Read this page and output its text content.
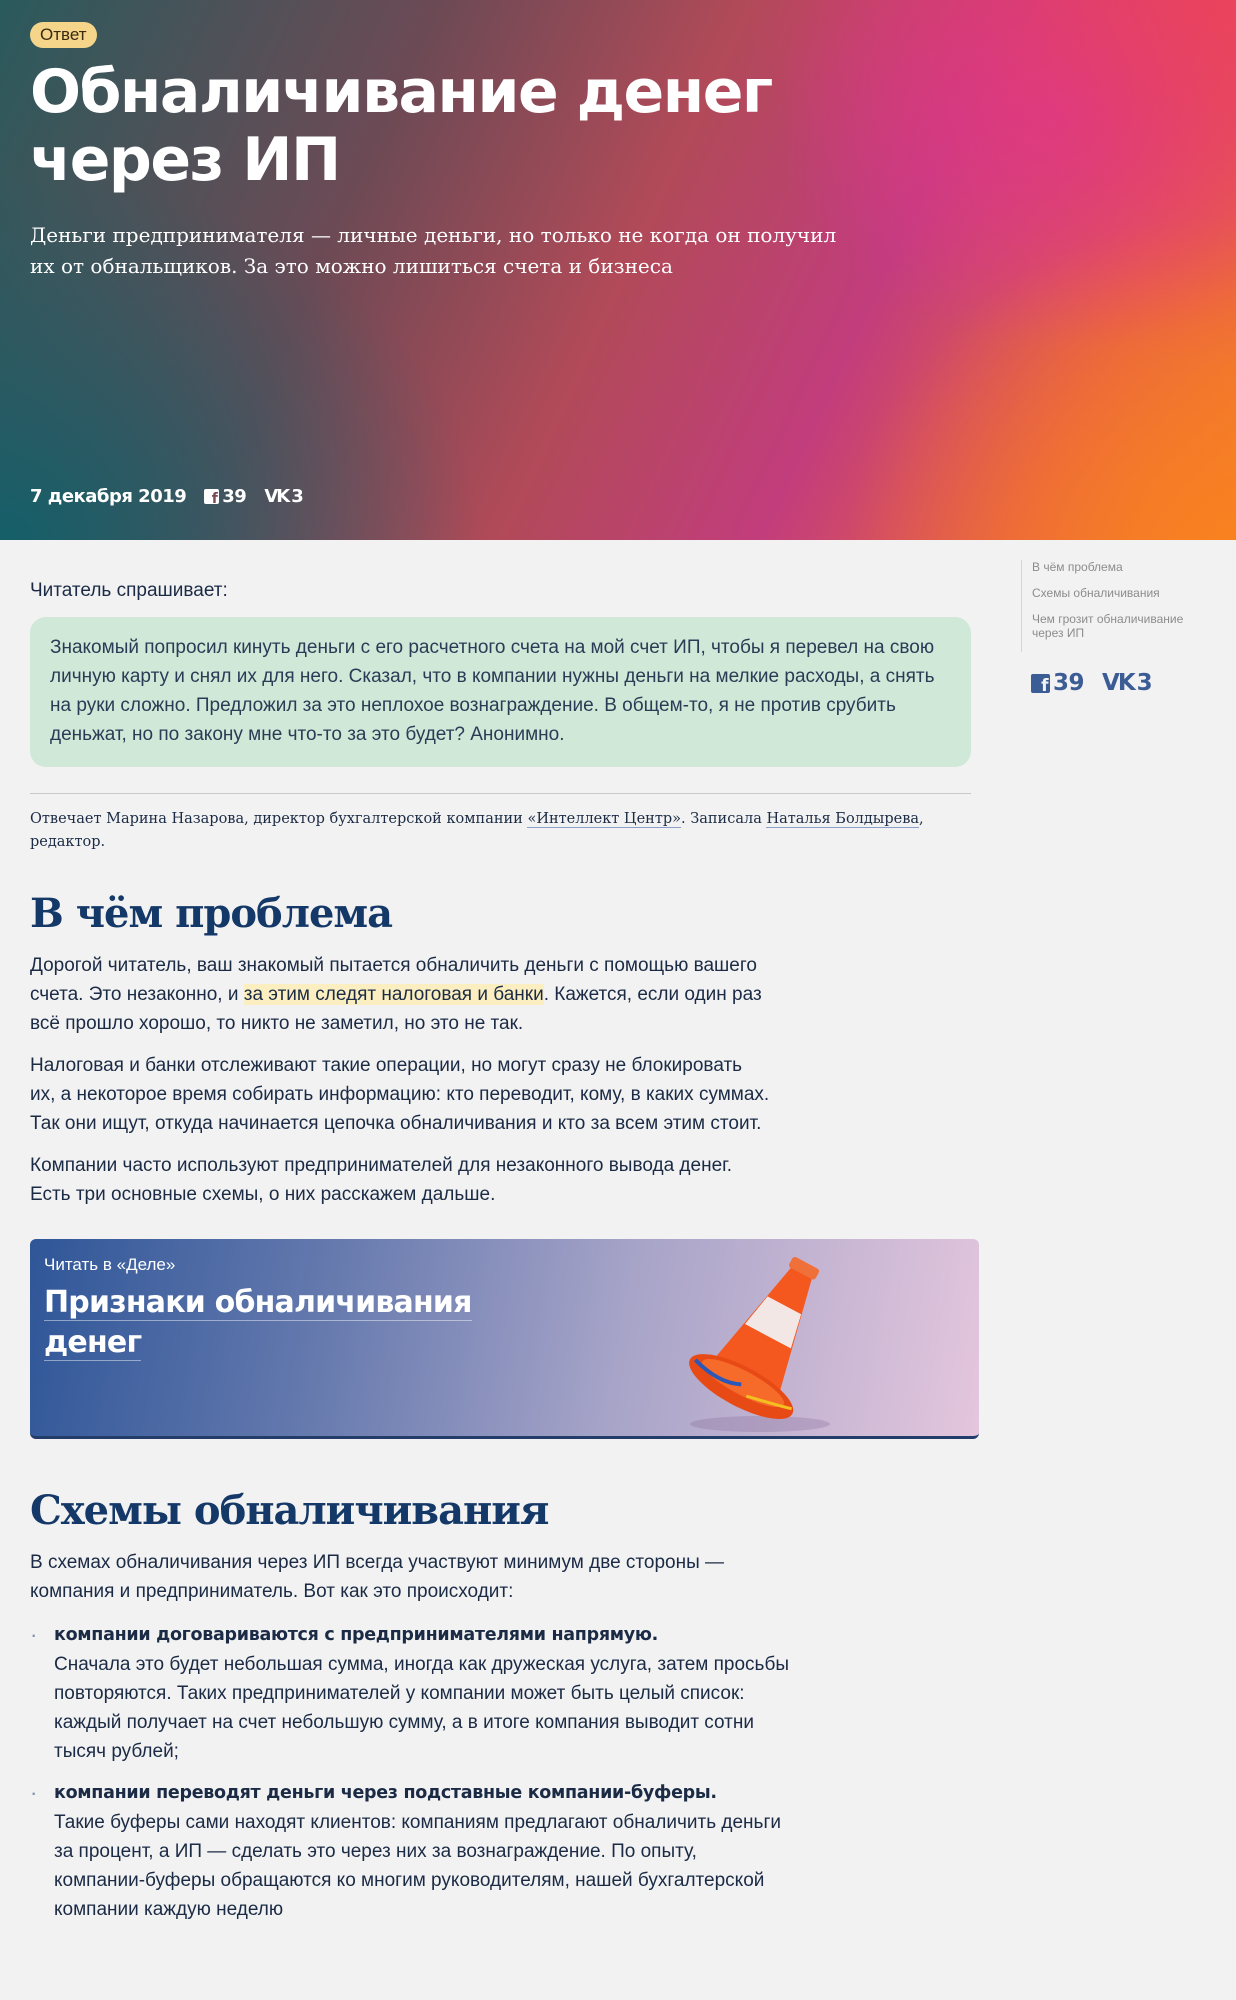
Ответ
Обналичивание денег через ИП

Деньги предпринимателя — личные деньги, но только не когда он получил их от обнальщиков. За это можно лишиться счета и бизнеса

7 декабря 2019
f 39 VK 3
Читатель спрашивает:
Знакомый попросил кинуть деньги с его расчетного счета на мой счет ИП, чтобы я перевел на свою личную карту и снял их для него. Сказал, что в компании нужны деньги на мелкие расходы, а снять на руки сложно. Предложил за это неплохое вознаграждение. В общем-то, я не против срубить деньжат, но по закону мне что-то за это будет? Анонимно.

Отвечает Марина Назарова, директор бухгалтерской компании «Интеллект Центр». Записала Наталья Болдырева, редактор.

В чём проблема

Дорогой читатель, ваш знакомый пытается обналичить деньги с помощью вашего счета. Это незаконно, и за этим следят налоговая и банки. Кажется, если один раз всё прошло хорошо, то никто не заметил, но это не так.

Налоговая и банки отслеживают такие операции, но могут сразу не блокировать их, а некоторое время собирать информацию: кто переводит, кому, в каких суммах. Так они ищут, откуда начинается цепочка обналичивания и кто за всем этим стоит.

Компании часто используют предпринимателей для незаконного вывода денег. Есть три основные схемы, о них расскажем дальше.

Читать в «Деле»
Признаки обналичивания
денег
Схемы обналичивания

В схемах обналичивания через ИП всегда участвуют минимум две стороны — компания и предприниматель. Вот как это происходит:

· компании договариваются с предпринимателями напрямую.
Сначала это будет небольшая сумма, иногда как дружеская услуга, затем просьбы повторяются. Таких предпринимателей у компании может быть целый список: каждый получает на счет небольшую сумму, а в итоге компания выводит сотни тысяч рублей;
· компании переводят деньги через подставные компании-буферы.
Такие буферы сами находят клиентов: компаниям предлагают обналичить деньги за процент, а ИП — сделать это через них за вознаграждение. По опыту, компании-буферы обращаются ко многим руководителям, нашей бухгалтерской компании каждую неделю
В чём проблема
Схемы обналичивания
Чем грозит обналичивание через ИП
f
39 VK 3
